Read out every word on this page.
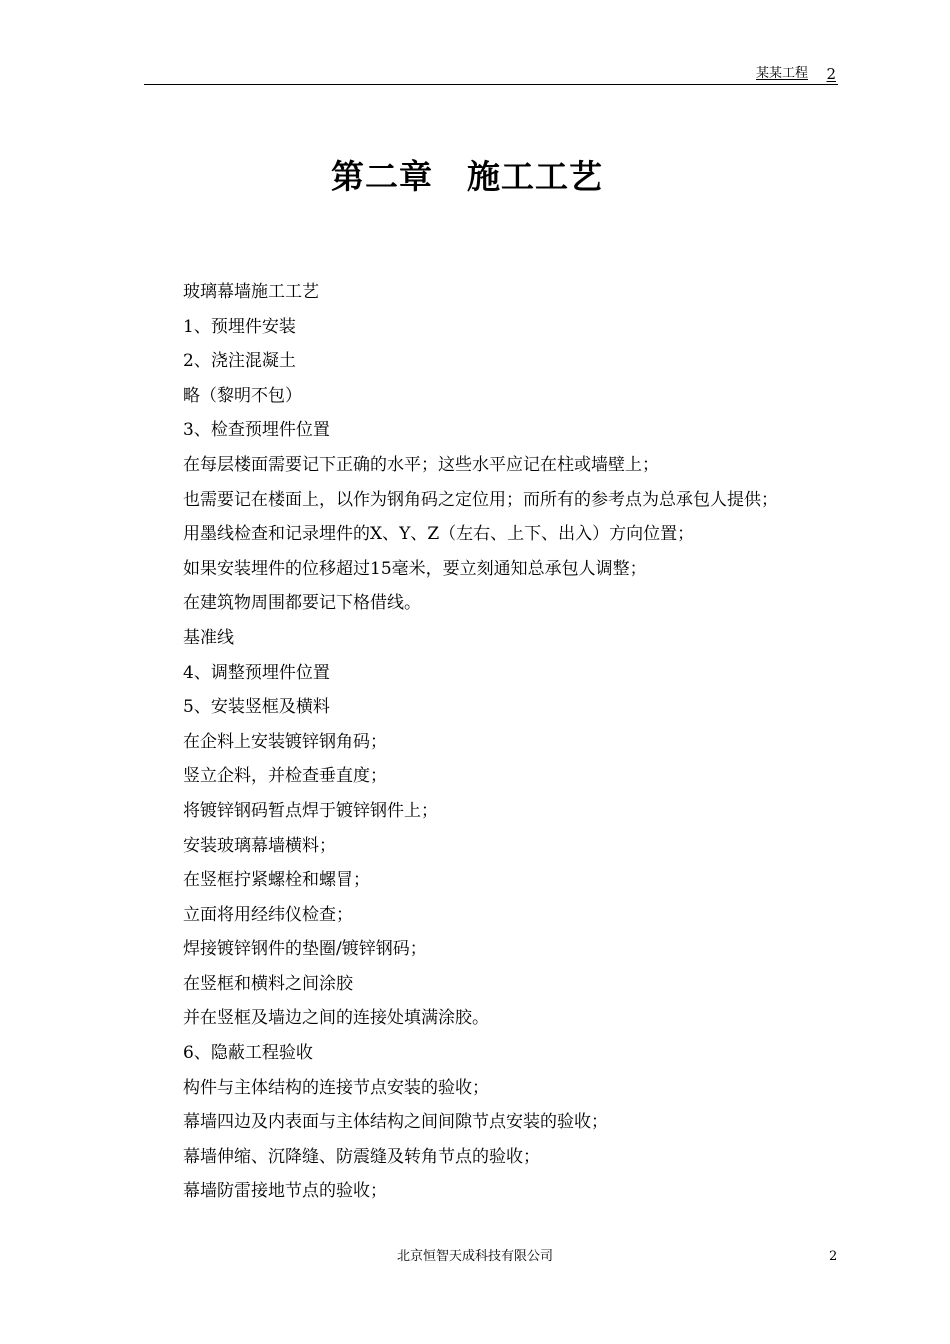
某某工程 2
第二章　施工工艺
玻璃幕墙施工工艺
1、预埋件安装
2、浇注混凝土
略（黎明不包）
3、检查预埋件位置
在每层楼面需要记下正确的水平；这些水平应记在柱或墙壁上；
也需要记在楼面上，以作为钢角码之定位用；而所有的参考点为总承包人提供；
用墨线检查和记录埋件的X、Y、Z（左右、上下、出入）方向位置；
如果安装埋件的位移超过15毫米，要立刻通知总承包人调整；
在建筑物周围都要记下格借线。
基准线
4、调整预埋件位置
5、安装竖框及横料
在企料上安装镀锌钢角码；
竖立企料，并检查垂直度；
将镀锌钢码暂点焊于镀锌钢件上；
安装玻璃幕墙横料；
在竖框拧紧螺栓和螺冒；
立面将用经纬仪检查；
焊接镀锌钢件的垫圈/镀锌钢码；
在竖框和横料之间涂胶
并在竖框及墙边之间的连接处填满涂胶。
6、隐蔽工程验收
构件与主体结构的连接节点安装的验收；
幕墙四边及内表面与主体结构之间间隙节点安装的验收；
幕墙伸缩、沉降缝、防震缝及转角节点的验收；
幕墙防雷接地节点的验收；
北京恒智天成科技有限公司	2
